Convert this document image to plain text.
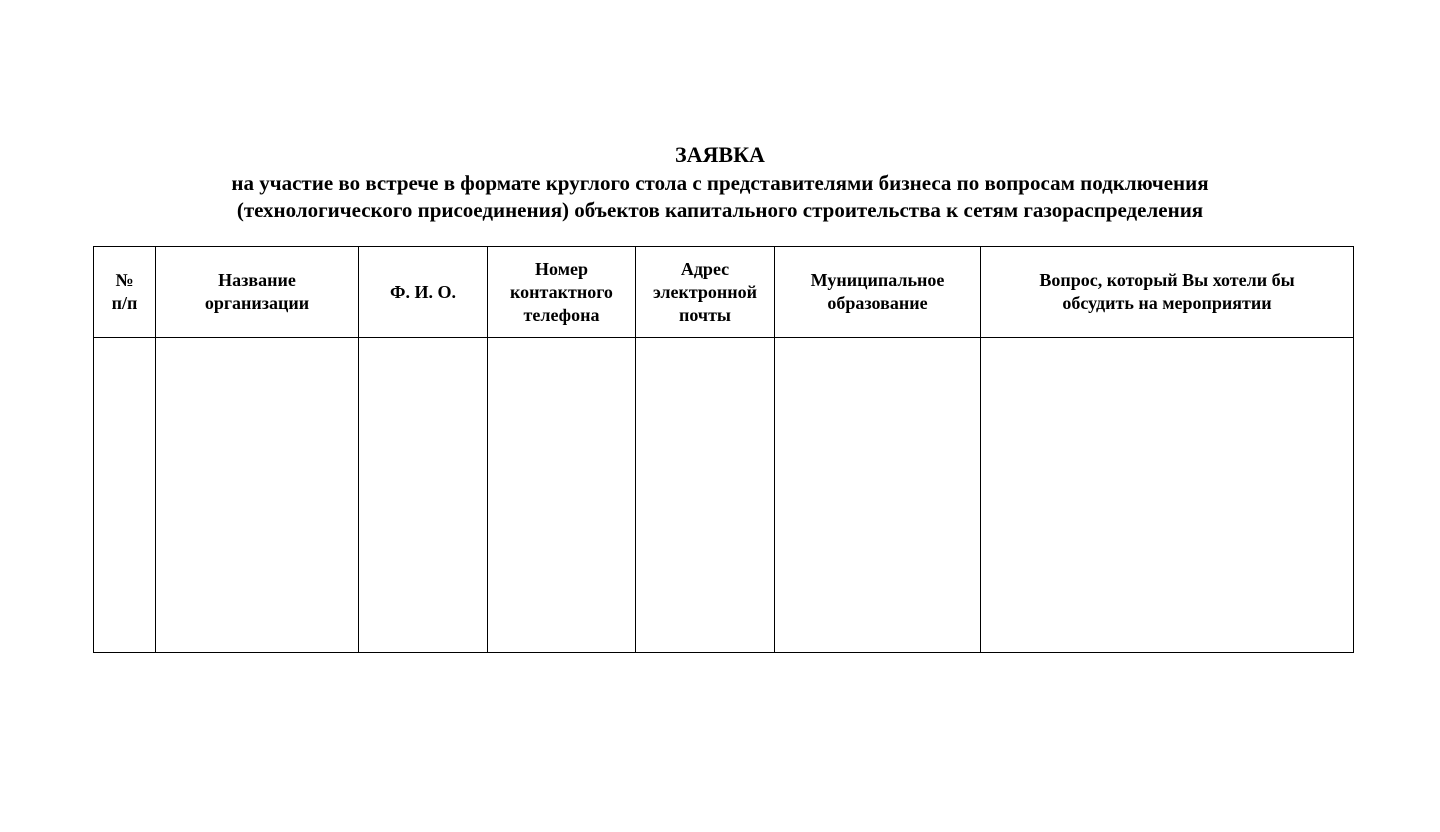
ЗАЯВКА

на участие во встрече в формате круглого стола с представителями бизнеса по вопросам подключения

(технологического присоединения) объектов капитального строительства к сетям газораспределения

№
п/п	Название
организации	Ф. И. О.	Номер
контактного
телефона	Адрес
электронной
почты	Муниципальное
образование	Вопрос, который Вы хотели бы
обсудить на мероприятии
